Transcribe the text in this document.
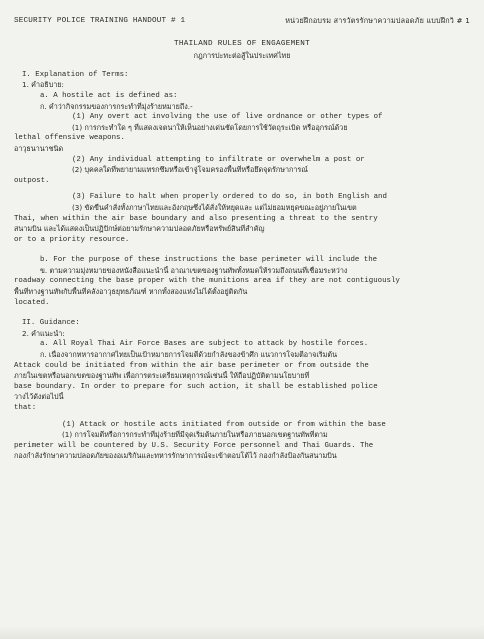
SECURITY POLICE TRAINING HANDOUT # 1	หน่วยฝึกอบรม สารวัตรรักษาความปลอดภัย แบบฝึกวิ # 1
THAILAND RULES OF ENGAGEMENT
กฎการปะทะต่อสู้ในประเทศไทย
I. Explanation of Terms:
1. คำอธิบาย:
a. A hostile act is defined as:
ก. คำว่ากิจกรรมของการกระทำที่มุ่งร้ายหมายถึง.-
(1) Any overt act involving the use of live ordnance or other types of
(1) การกระทำใด ๆ ที่แสดงเจตนาให้เห็นอย่างเด่นชัดโดยการใช้วัตถุระเบิด หรืออุกรณ์ด้วย
lethal offensive weapons.
อาวุธนานาชนิด
(2) Any individual attempting to infiltrate or overwhelm a post or
(2) บุคคลใดที่พยายามแทรกซึมหรือเข้าจู่โจมครองพื้นที่หรือยึดจุดรักษาการณ์
outpost.
(3) Failure to halt when properly ordered to do so, in both English and
(3) ขัดขืนคำสั่งทั้งภาษาไทยและอังกฤษซึ่งได้สั่งให้หยุดและ แต่ไม่ยอมหยุดขณะอยู่ภายในเขต
Thai, when within the air base boundary and also presenting a threat to the sentry
สนามบิน และได้แสดงเป็นปฏิปักษ์ต่อยามรักษาความปลอดภัยหรือทรัพย์สินที่สำคัญ
or to a priority resource.
b. For the purpose of these instructions the base perimeter will include the
ข. ตามความมุ่งหมายของหนังสือแนะนำนี้ อาณาเขตของฐานทัพทั้งหมดให้รวมถึงถนนที่เชื่อมระหว่าง
roadway connecting the base proper with the munitions area if they are not contiguously
พื้นที่ทางฐานทัพกับพื้นที่คลังอาวุธยุทธภัณฑ์ หากทั้งสองแห่งไม่ได้ตั้งอยู่ติดกัน
located.
II. Guidance:
2. คำแนะนำ:
a. All Royal Thai Air Force Bases are subject to attack by hostile forces.
ก. เนื่องจากทหารอากาศไทยเป็นเป้าหมายการโจมตีด้วยกำลังของข้าศึก แนวการโจมตีอาจเริ่มต้น
Attack could be initiated from within the air base perimeter or from outside the
ภายในเขตหรือนอกเขตของฐานทัพ เพื่อการตระเตรียมเหตุการณ์เช่นนี้ ให้ถือปฏิบัติตามนโยบายที่
base boundary. In order to prepare for such action, it shall be established police
วางไว้ดังต่อไปนี้
that:
(1) Attack or hostile acts initiated from outside or from within the base
(1) การโจมตีหรือการกระทำที่มุ่งร้ายที่มีจุดเริ่มต้นภายในหรือภายนอกเขตฐานทัพที่ตาม
perimeter will be countered by U.S. Security Force personnel and Thai Guards. The
กองกำลังรักษาความปลอดภัยของอเมริกันและทหารรักษาการณ์จะเข้าตอบโต้ไว้ กองกำลังป้องกันสนามบิน
